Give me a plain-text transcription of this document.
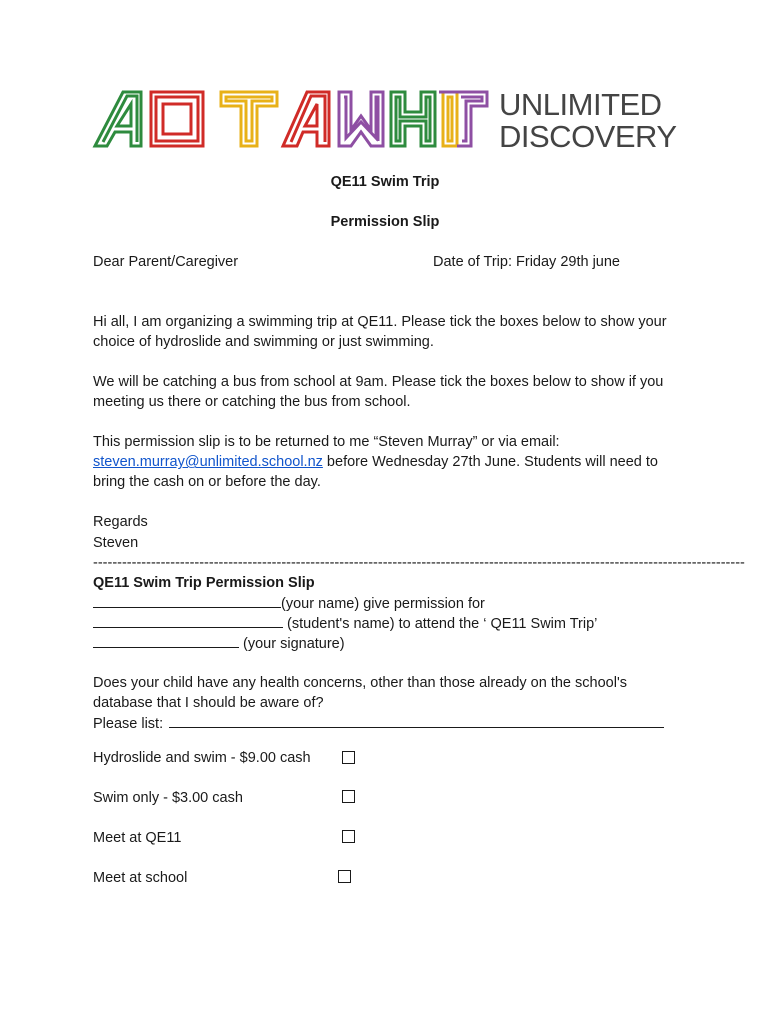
UNLIMITED
DISCOVERY
QE11 Swim Trip
Permission Slip
Dear Parent/Caregiver	Date of Trip: Friday 29th june
Hi all, I am organizing a swimming trip at QE11. Please tick the boxes below to show your choice of hydroslide and swimming or just swimming.
We will be catching a bus from school at 9am. Please tick the boxes below to show if you meeting us there or catching the bus from school.
This permission slip is to be returned to me “Steven Murray” or via email: steven.murray@unlimited.school.nz before Wednesday 27th June. Students will need to bring the cash on or before the day.
Regards
Steven
---------------------------------------------------------------------------------------------------------------------------------------
QE11 Swim Trip Permission Slip
(your name) give permission for
(student's name) to attend the ‘ QE11 Swim Trip’
(your signature)
Does your child have any health concerns, other than those already on the school's database that I should be aware of?
Please list:
Hydroslide and swim - $9.00 cash
Swim only - $3.00 cash
Meet at QE11
Meet at school
